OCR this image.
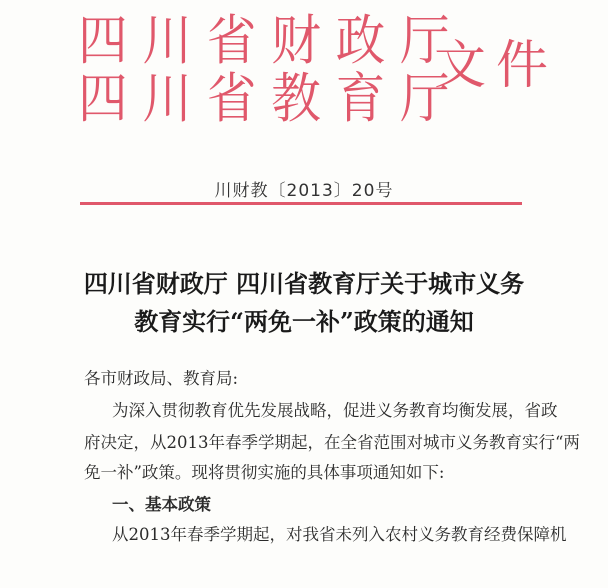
四川省财政厅
四川省教育厅
文件
川财教〔2013〕20号
四川省财政厅 四川省教育厅关于城市义务
教育实行“两免一补”政策的通知
各市财政局、教育局:
为深入贯彻教育优先发展战略，促进义务教育均衡发展，省政
府决定，从2013年春季学期起，在全省范围对城市义务教育实行“两
免一补”政策。现将贯彻实施的具体事项通知如下:
一、基本政策
从2013年春季学期起，对我省未列入农村义务教育经费保障机
